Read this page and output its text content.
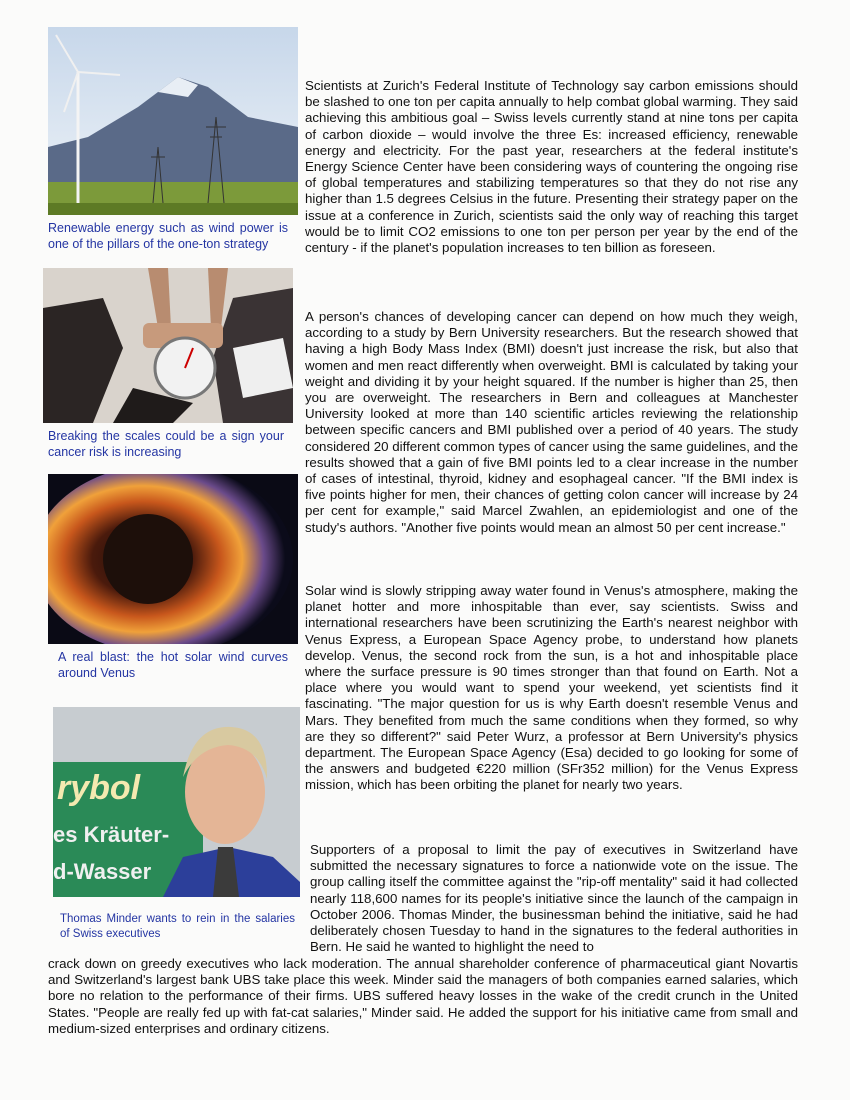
Renewable energy such as wind power is one of the pillars of the one-ton strategy

Scientists at Zurich's Federal Institute of Technology say carbon emissions should be slashed to one ton per capita annually to help combat global warming. They said achieving this ambitious goal – Swiss levels currently stand at nine tons per capita of carbon dioxide – would involve the three Es: increased efficiency, renewable energy and electricity. For the past year, researchers at the federal institute's Energy Science Center have been considering ways of countering the ongoing rise of global temperatures and stabilizing temperatures so that they do not rise any higher than 1.5 degrees Celsius in the future. Presenting their strategy paper on the issue at a conference in Zurich, scientists said the only way of reaching this target would be to limit CO2 emissions to one ton per person per year by the end of the century - if the planet's population increases to ten billion as foreseen.

Breaking the scales could be a sign your cancer risk is increasing

A person's chances of developing cancer can depend on how much they weigh, according to a study by Bern University researchers. But the research showed that having a high Body Mass Index (BMI) doesn't just increase the risk, but also that women and men react differently when overweight. BMI is calculated by taking your weight and dividing it by your height squared. If the number is higher than 25, then you are overweight. The researchers in Bern and colleagues at Manchester University looked at more than 140 scientific articles reviewing the relationship between specific cancers and BMI published over a period of 40 years. The study considered 20 different common types of cancer using the same guidelines, and the results showed that a gain of five BMI points led to a clear increase in the number of cases of intestinal, thyroid, kidney and esophageal cancer. "If the BMI index is five points higher for men, their chances of getting colon cancer will increase by 24 per cent for example," said Marcel Zwahlen, an epidemiologist and one of the study's authors. "Another five points would mean an almost 50 per cent increase."

A real blast: the hot solar wind curves around Venus

Solar wind is slowly stripping away water found in Venus's atmosphere, making the planet hotter and more inhospitable than ever, say scientists. Swiss and international researchers have been scrutinizing the Earth's nearest neighbor with Venus Express, a European Space Agency probe, to understand how planets develop. Venus, the second rock from the sun, is a hot and inhospitable place where the surface pressure is 90 times stronger than that found on Earth. Not a place where you would want to spend your weekend, yet scientists find it fascinating. "The major question for us is why Earth doesn't resemble Venus and Mars. They benefited from much the same conditions when they formed, so why are they so different?" said Peter Wurz, a professor at Bern University's physics department. The European Space Agency (Esa) decided to go looking for some of the answers and budgeted €220 million (SFr352 million) for the Venus Express mission, which has been orbiting the planet for nearly two years.

rybol
es Kräuter-
d-Wasser

Thomas Minder wants to rein in the salaries of Swiss executives

Supporters of a proposal to limit the pay of executives in Switzerland have submitted the necessary signatures to force a nationwide vote on the issue. The group calling itself the committee against the "rip-off mentality" said it had collected nearly 118,600 names for its people's initiative since the launch of the campaign in October 2006. Thomas Minder, the businessman behind the initiative, said he had deliberately chosen Tuesday to hand in the signatures to the federal authorities in Bern. He said he wanted to highlight the need to

crack down on greedy executives who lack moderation. The annual shareholder conference of pharmaceutical giant Novartis and Switzerland's largest bank UBS take place this week. Minder said the managers of both companies earned salaries, which bore no relation to the performance of their firms. UBS suffered heavy losses in the wake of the credit crunch in the United States. "People are really fed up with fat-cat salaries," Minder said. He added the support for his initiative came from small and medium-sized enterprises and ordinary citizens.
